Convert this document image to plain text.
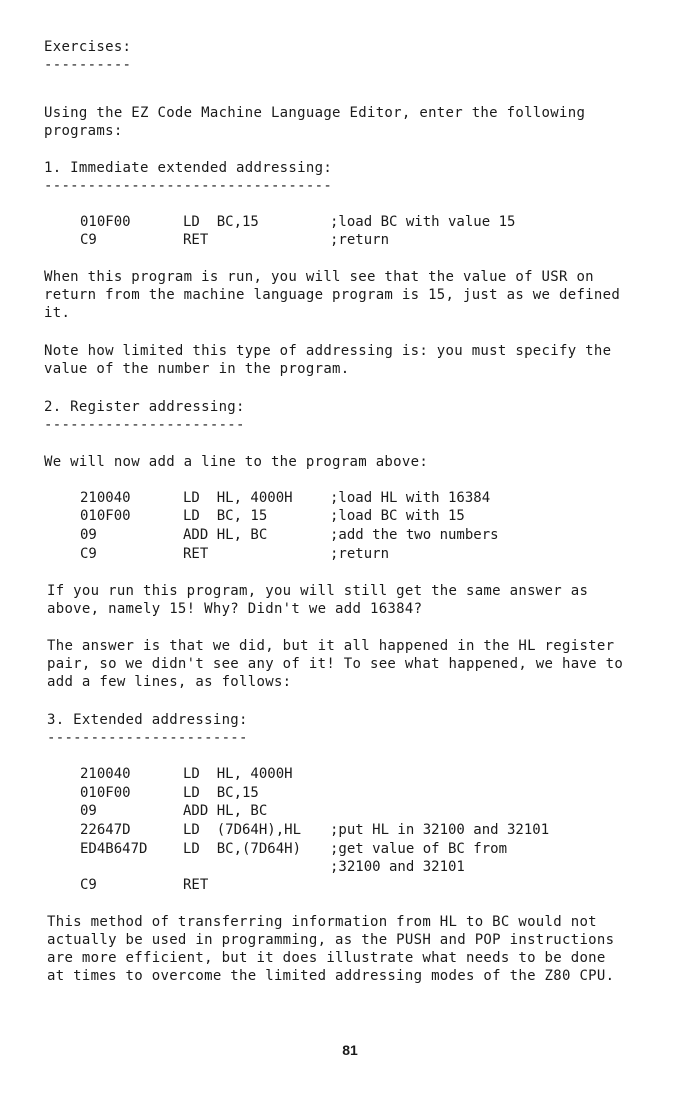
Exercises:
----------
Using the EZ Code Machine Language Editor, enter the following
programs:
1. Immediate extended addressing:
---------------------------------
010F00	LD  BC,15	;load BC with value 15
C9	RET	;return
When this program is run, you will see that the value of USR on
return from the machine language program is 15, just as we defined
it.
Note how limited this type of addressing is: you must specify the
value of the number in the program.
2. Register addressing:
-----------------------
We will now add a line to the program above:
210040	LD  HL, 4000H	;load HL with 16384
010F00	LD  BC, 15	;load BC with 15
09	ADD HL, BC	;add the two numbers
C9	RET	;return
If you run this program, you will still get the same answer as
above, namely 15! Why? Didn't we add 16384?
The answer is that we did, but it all happened in the HL register
pair, so we didn't see any of it! To see what happened, we have to
add a few lines, as follows:
3. Extended addressing:
-----------------------
210040	LD  HL, 4000H
010F00	LD  BC,15
09	ADD HL, BC
22647D	LD  (7D64H),HL ;put HL in 32100 and 32101
ED4B647D	LD  BC,(7D64H) ;get value of BC from
;32100 and 32101
C9	RET
This method of transferring information from HL to BC would not
actually be used in programming, as the PUSH and POP instructions
are more efficient, but it does illustrate what needs to be done
at times to overcome the limited addressing modes of the Z80 CPU.
81
